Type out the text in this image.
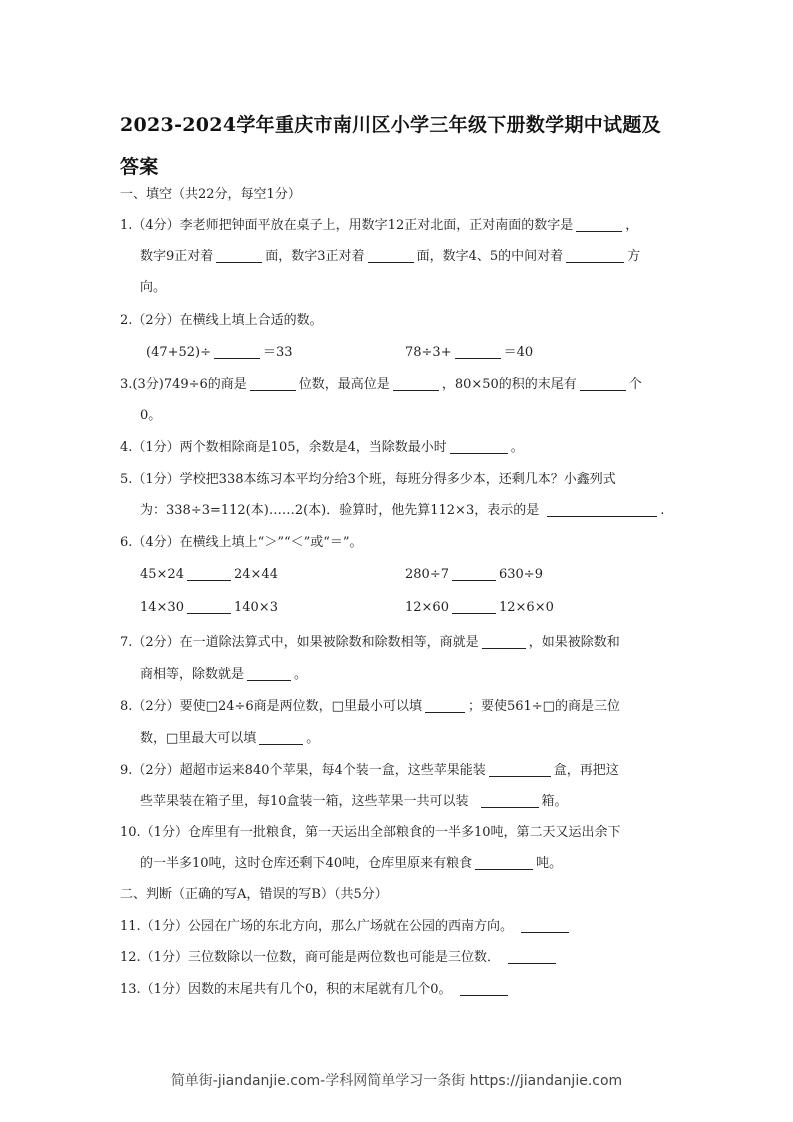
2023-2024学年重庆市南川区小学三年级下册数学期中试题及答案
一、填空（共22分，每空1分）
1.（4分）李老师把钟面平放在桌子上，用数字12正对北面，正对南面的数字是	，
数字9正对着	面，数字3正对着	面，数字4、5的中间对着	方
向。
2.（2分）在横线上填上合适的数。
(47+52)÷	＝33	78÷3+	＝40
3.(3分)749÷6的商是	位数，最高位是	，80×50的积的末尾有	个
0。
4.（1分）两个数相除商是105，余数是4，当除数最小时	。
5.（1分）学校把338本练习本平均分给3个班，每班分得多少本，还剩几本？小鑫列式
为：338÷3=112(本)……2(本)．验算时，他先算112×3，表示的是	.
6.（4分）在横线上填上“＞”“＜”或“＝”。
45×24	24×44	280÷7	630÷9
14×30	140×3	12×60	12×6×0
7.（2分）在一道除法算式中，如果被除数和除数相等，商就是	，如果被除数和
商相等，除数就是	。
8.（2分）要使□24÷6商是两位数，□里最小可以填	；要使561÷□的商是三位
数，□里最大可以填	。
9.（2分）超超市运来840个苹果，每4个装一盒，这些苹果能装	盒，再把这
些苹果装在箱子里，每10盒装一箱，这些苹果一共可以装	箱。
10.（1分）仓库里有一批粮食，第一天运出全部粮食的一半多10吨，第二天又运出余下
的一半多10吨，这时仓库还剩下40吨，仓库里原来有粮食	吨。
二、判断（正确的写A，错误的写B）（共5分）
11.（1分）公园在广场的东北方向，那么广场就在公园的西南方向。
12.（1分）三位数除以一位数，商可能是两位数也可能是三位数．
13.（1分）因数的末尾共有几个0，积的末尾就有几个0。
简单街-jiandanjie.com-学科网简单学习一条街 https://jiandanjie.com
